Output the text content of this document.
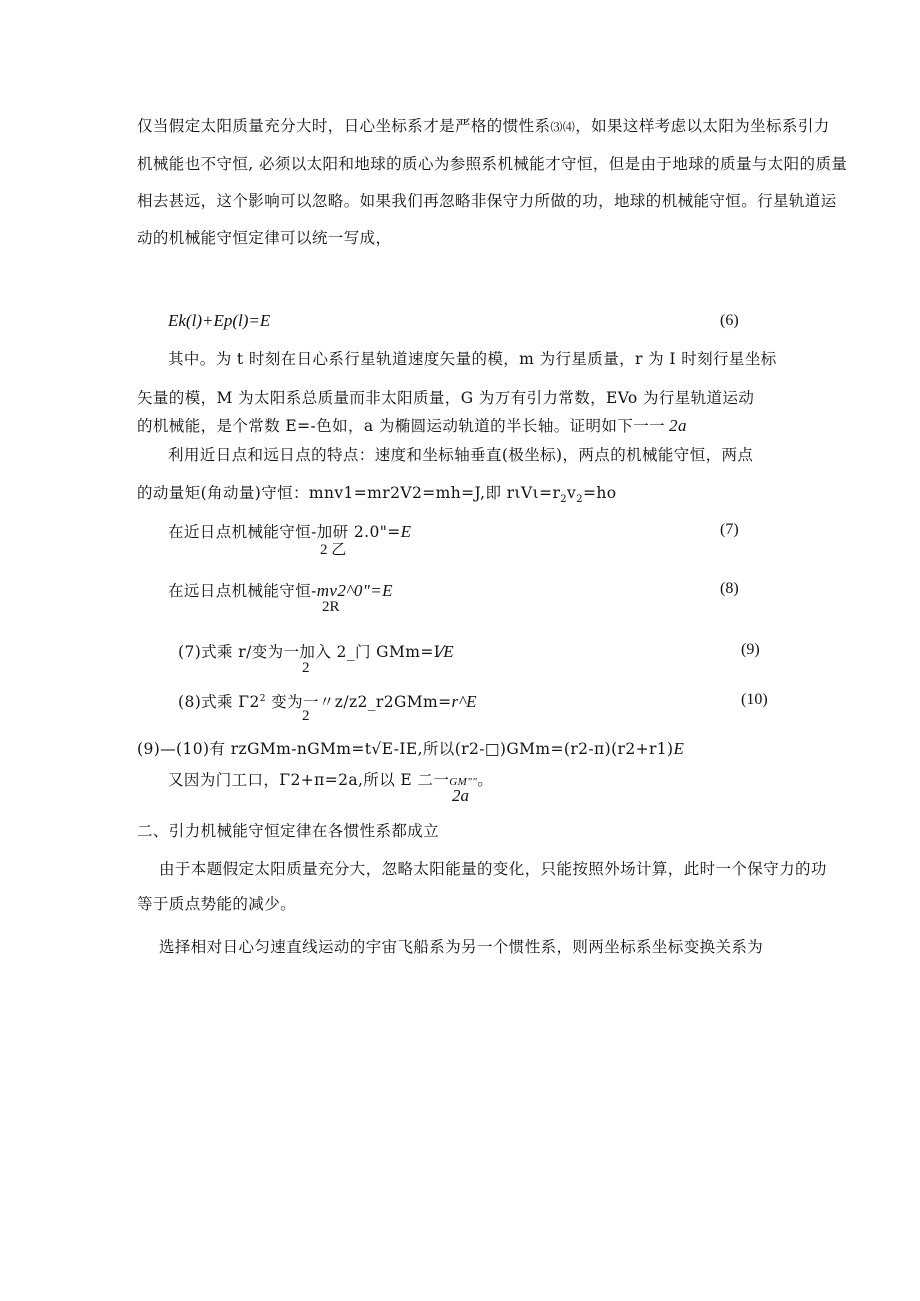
仅当假定太阳质量充分大时，日心坐标系才是严格的惯性系⑶⑷，如果这样考虑以太阳为坐标系引力
机械能也不守恒, 必须以太阳和地球的质心为参照系机械能才守恒，但是由于地球的质量与太阳的质量
相去甚远，这个影响可以忽略。如果我们再忽略非保守力所做的功，地球的机械能守恒。行星轨道运
动的机械能守恒定律可以统一写成，
Ek(l)+Ep(l)=E	(6)
其中。为 t 时刻在日心系行星轨道速度矢量的模，m 为行星质量，r 为 I 时刻行星坐标
矢量的模，M 为太阳系总质量而非太阳质量，G 为万有引力常数，EVo 为行星轨道运动
的机械能，是个常数 E=-色如，a 为椭圆运动轨道的半长轴。证明如下一一 2a
利用近日点和远日点的特点：速度和坐标轴垂直(极坐标)，两点的机械能守恒，两点
的动量矩(角动量)守恒：mnv1=mr2V2=mh=J,即 $r\iota V\iota=r_2v_2=ho$
在近日点机械能守恒-加研 2.0"=E
2 乙
(7)
在远日点机械能守恒-mv2^0"=E
2R
(8)
(7)式乘 r/变为一加入 2_门 GMm=I⁄E
2
(9)
(8)式乘 $\Gamma 2^2$ 变为一〃z/z2_r2GMm=r^E
2
(10)
(9)—(10)有 rzGMm-nGMm=t√E-IE,所以(r2-□)GMm=(r2-π)(r2+r1)E
又因为门工口，Γ2+π=2a,所以 E 二一GM""。
2a
二、引力机械能守恒定律在各惯性系都成立
由于本题假定太阳质量充分大，忽略太阳能量的变化，只能按照外场计算，此时一个保守力的功
等于质点势能的减少。
选择相对日心匀速直线运动的宇宙飞船系为另一个惯性系，则两坐标系坐标变换关系为
